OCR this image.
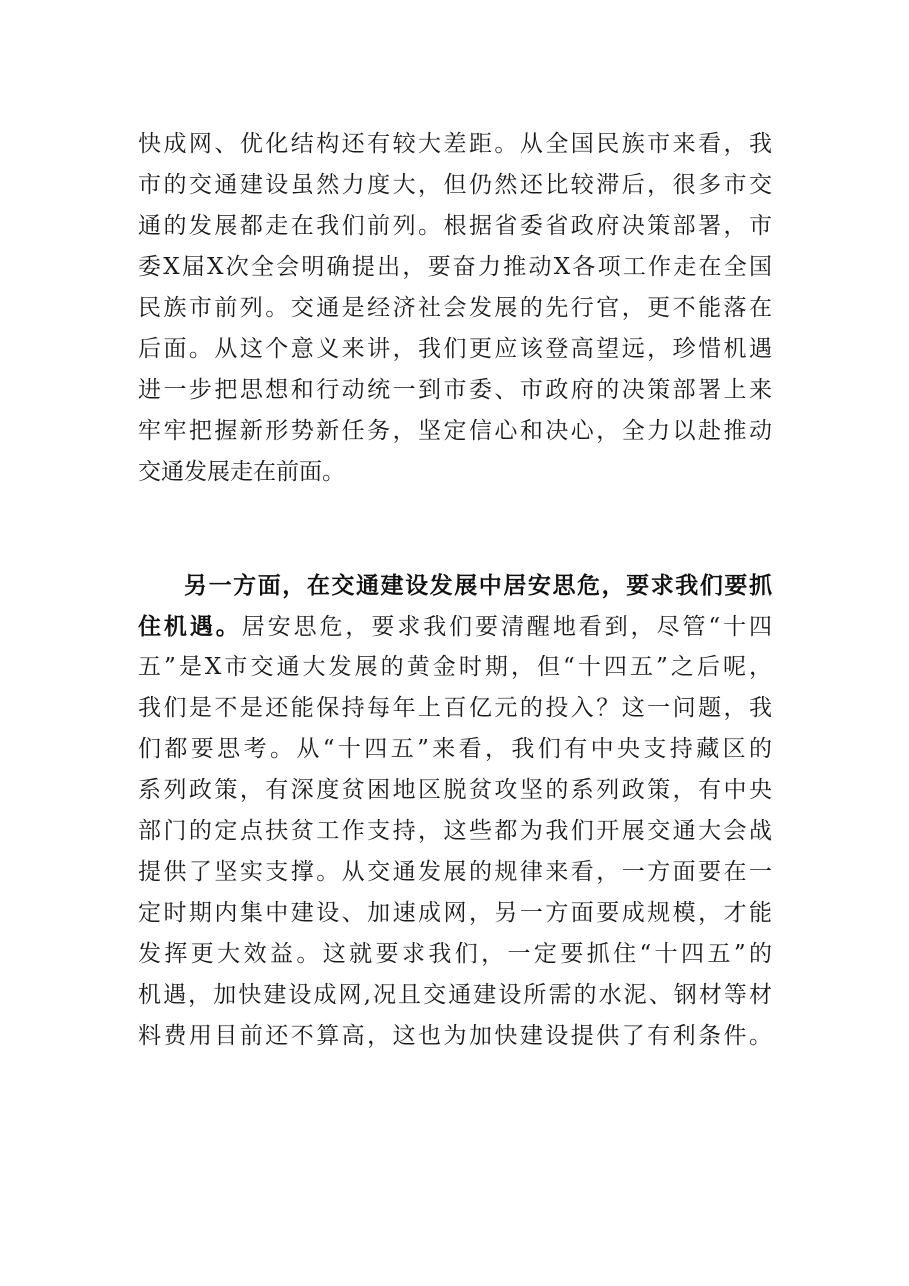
快成网、优化结构还有较大差距。从全国民族市来看，我
市的交通建设虽然力度大，但仍然还比较滞后，很多市交
通的发展都走在我们前列。根据省委省政府决策部署，市
委X届X次全会明确提出，要奋力推动X各项工作走在全国
民族市前列。交通是经济社会发展的先行官，更不能落在
后面。从这个意义来讲，我们更应该登高望远，珍惜机遇
进一步把思想和行动统一到市委、市政府的决策部署上来
牢牢把握新形势新任务，坚定信心和决心，全力以赴推动
交通发展走在前面。
另一方面，在交通建设发展中居安思危，要求我们要抓
住机遇。居安思危，要求我们要清醒地看到，尽管“十四
五”是X市交通大发展的黄金时期，但“十四五”之后呢，
我们是不是还能保持每年上百亿元的投入？这一问题，我
们都要思考。从“十四五”来看，我们有中央支持藏区的
系列政策，有深度贫困地区脱贫攻坚的系列政策，有中央
部门的定点扶贫工作支持，这些都为我们开展交通大会战
提供了坚实支撑。从交通发展的规律来看，一方面要在一
定时期内集中建设、加速成网，另一方面要成规模，才能
发挥更大效益。这就要求我们，一定要抓住“十四五”的
机遇，加快建设成网,况且交通建设所需的水泥、钢材等材
料费用目前还不算高，这也为加快建设提供了有利条件。
